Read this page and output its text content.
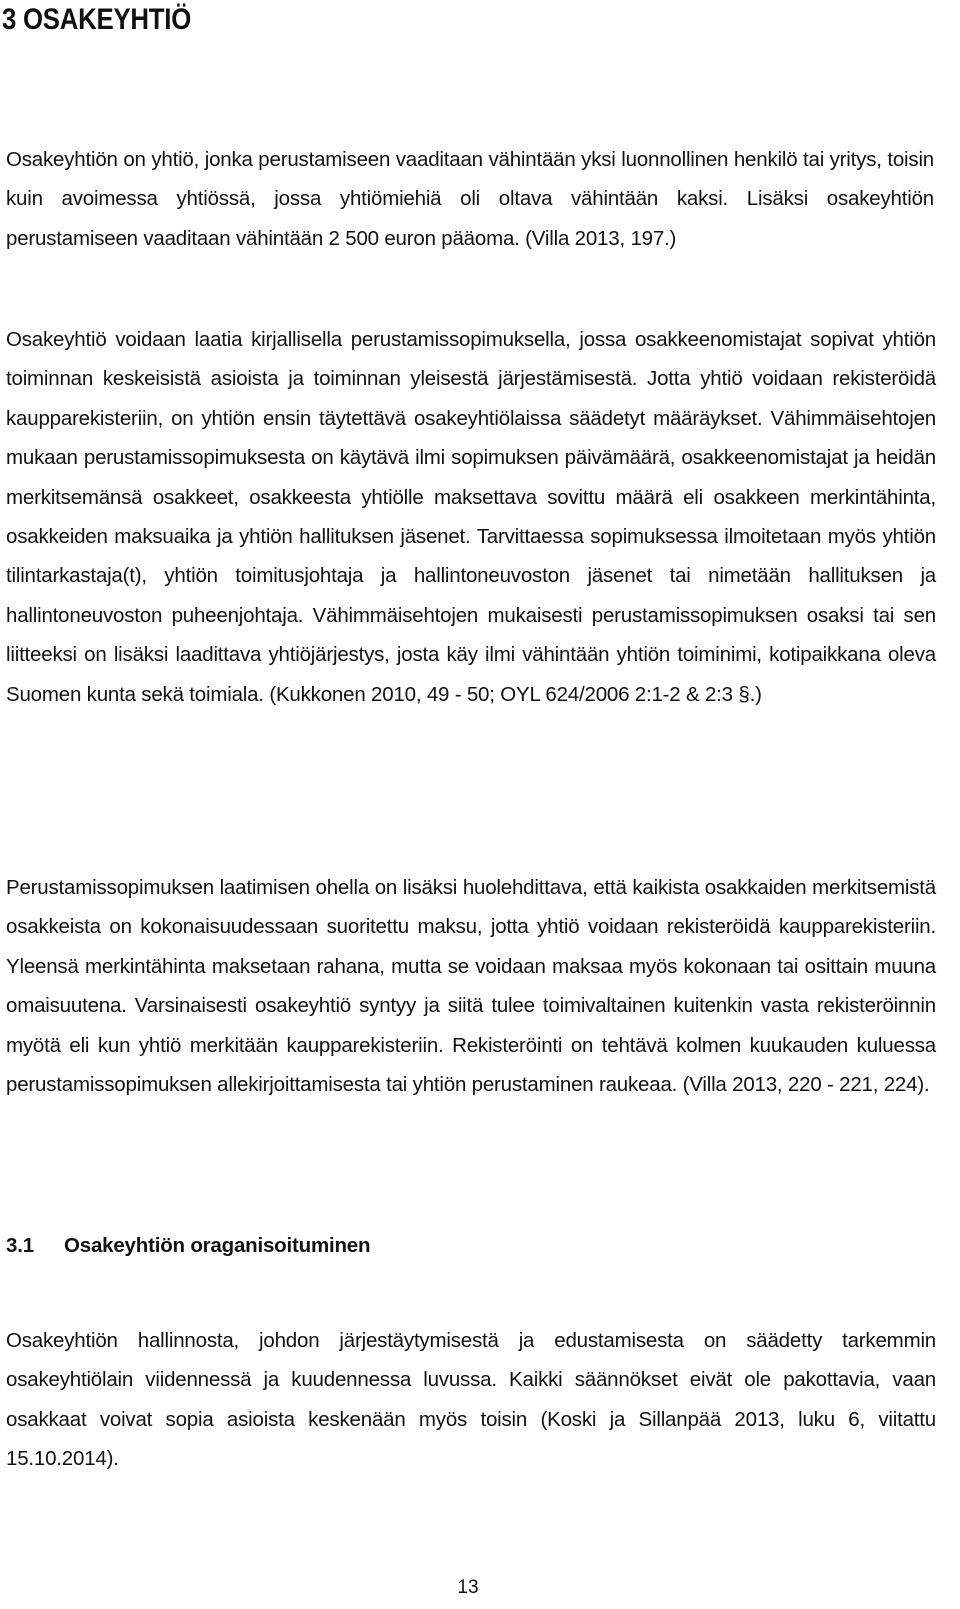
3 OSAKEYHTIÖ

Osakeyhtiön on yhtiö, jonka perustamiseen vaaditaan vähintään yksi luonnollinen henkilö tai yritys, toisin kuin avoimessa yhtiössä, jossa yhtiömiehiä oli oltava vähintään kaksi. Lisäksi osakeyhtiön perustamiseen vaaditaan vähintään 2 500 euron pääoma. (Villa 2013, 197.)

Osakeyhtiö voidaan laatia kirjallisella perustamissopimuksella, jossa osakkeenomistajat sopivat yhtiön toiminnan keskeisistä asioista ja toiminnan yleisestä järjestämisestä. Jotta yhtiö voidaan rekisteröidä kaupparekisteriin, on yhtiön ensin täytettävä osakeyhtiölaissa säädetyt määräykset. Vähimmäisehtojen mukaan perustamissopimuksesta on käytävä ilmi sopimuksen päivämäärä, osakkeenomistajat ja heidän merkitsemänsä osakkeet, osakkeesta yhtiölle maksettava sovittu määrä eli osakkeen merkintähinta, osakkeiden maksuaika ja yhtiön hallituksen jäsenet. Tarvittaessa sopimuksessa ilmoitetaan myös yhtiön tilintarkastaja(t), yhtiön toimitusjohtaja ja hallintoneuvoston jäsenet tai nimetään hallituksen ja hallintoneuvoston puheenjohtaja. Vähimmäisehtojen mukaisesti perustamissopimuksen osaksi tai sen liitteeksi on lisäksi laadittava yhtiöjärjestys, josta käy ilmi vähintään yhtiön toiminimi, kotipaikkana oleva Suomen kunta sekä toimiala. (Kukkonen 2010, 49 - 50; OYL 624/2006 2:1-2 & 2:3 §.)

Perustamissopimuksen laatimisen ohella on lisäksi huolehdittava, että kaikista osakkaiden merkitsemistä osakkeista on kokonaisuudessaan suoritettu maksu, jotta yhtiö voidaan rekisteröidä kaupparekisteriin. Yleensä merkintähinta maksetaan rahana, mutta se voidaan maksaa myös kokonaan tai osittain muuna omaisuutena. Varsinaisesti osakeyhtiö syntyy ja siitä tulee toimivaltainen kuitenkin vasta rekisteröinnin myötä eli kun yhtiö merkitään kaupparekisteriin. Rekisteröinti on tehtävä kolmen kuukauden kuluessa perustamissopimuksen allekirjoittamisesta tai yhtiön perustaminen raukeaa. (Villa 2013, 220 - 221, 224).

3.1 Osakeyhtiön oraganisoituminen

Osakeyhtiön hallinnosta, johdon järjestäytymisestä ja edustamisesta on säädetty tarkemmin osakeyhtiölain viidennessä ja kuudennessa luvussa. Kaikki säännökset eivät ole pakottavia, vaan osakkaat voivat sopia asioista keskenään myös toisin (Koski ja Sillanpää 2013, luku 6, viitattu 15.10.2014).

13
